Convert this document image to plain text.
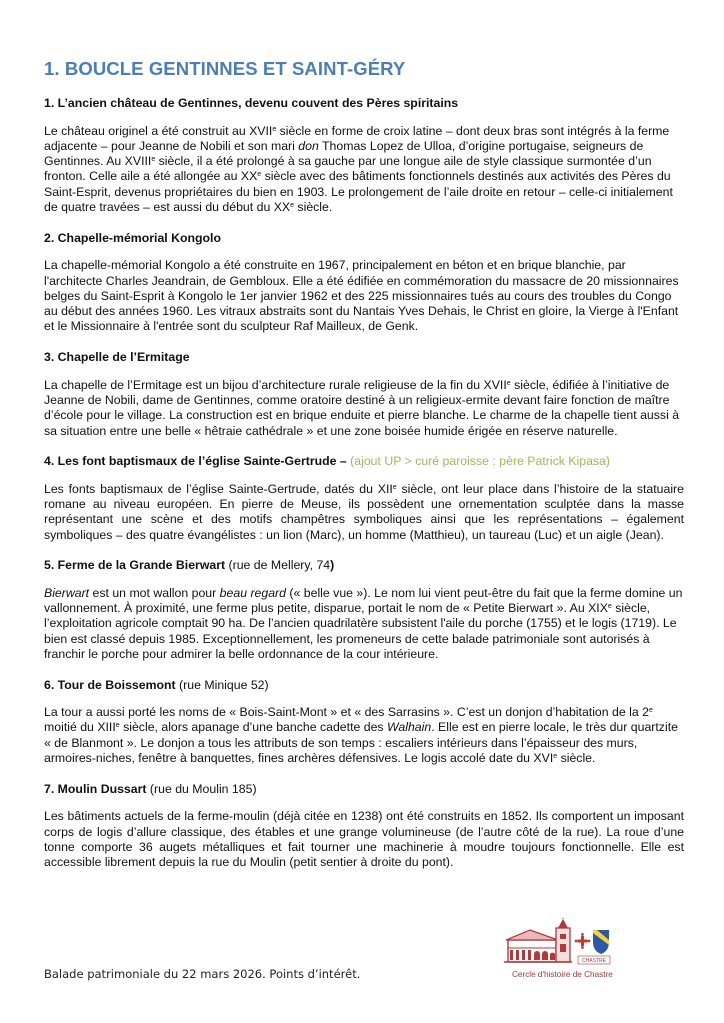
1. BOUCLE GENTINNES ET SAINT-GÉRY
1. L’ancien château de Gentinnes, devenu couvent des Pères spiritains

Le château originel a été construit au XVIIe siècle en forme de croix latine – dont deux bras sont intégrés à la ferme adjacente – pour Jeanne de Nobili et son mari don Thomas Lopez de Ulloa, d’origine portugaise, seigneurs de Gentinnes. Au XVIIIe siècle, il a été prolongé à sa gauche par une longue aile de style classique surmontée d’un fronton. Celle aile a été allongée au XXe siècle avec des bâtiments fonctionnels destinés aux activités des Pères du Saint-Esprit, devenus propriétaires du bien en 1903. Le prolongement de l’aile droite en retour – celle-ci initialement de quatre travées – est aussi du début du XXe siècle.

2. Chapelle-mémorial Kongolo

La chapelle-mémorial Kongolo a été construite en 1967, principalement en béton et en brique blanchie, par l'architecte Charles Jeandrain, de Gembloux. Elle a été édifiée en commémoration du massacre de 20 missionnaires belges du Saint-Esprit à Kongolo le 1er janvier 1962 et des 225 missionnaires tués au cours des troubles du Congo au début des années 1960. Les vitraux abstraits sont du Nantais Yves Dehais, le Christ en gloire, la Vierge à l'Enfant et le Missionnaire à l'entrée sont du sculpteur Raf Mailleux, de Genk.

3. Chapelle de l’Ermitage

La chapelle de l’Ermitage est un bijou d’architecture rurale religieuse de la fin du XVIIe siècle, édifiée à l’initiative de Jeanne de Nobili, dame de Gentinnes, comme oratoire destiné à un religieux-ermite devant faire fonction de maître d’école pour le village. La construction est en brique enduite et pierre blanche. Le charme de la chapelle tient aussi à sa situation entre une belle « hêtraie cathédrale » et une zone boisée humide érigée en réserve naturelle.

4. Les font baptismaux de l’église Sainte-Gertrude – (ajout UP > curé paroisse : père Patrick Kipasa)

Les fonts baptismaux de l’église Sainte-Gertrude, datés du XIIe siècle, ont leur place dans l’histoire de la statuaire romane au niveau européen. En pierre de Meuse, ils possèdent une ornementation sculptée dans la masse représentant une scène et des motifs champêtres symboliques ainsi que les représentations – également symboliques – des quatre évangélistes : un lion (Marc), un homme (Matthieu), un taureau (Luc) et un aigle (Jean).

5. Ferme de la Grande Bierwart (rue de Mellery, 74)

Bierwart est un mot wallon pour beau regard (« belle vue »). Le nom lui vient peut-être du fait que la ferme domine un vallonnement. À proximité, une ferme plus petite, disparue, portait le nom de « Petite Bierwart ». Au XIXe siècle, l’exploitation agricole comptait 90 ha. De l’ancien quadrilatère subsistent l'aile du porche (1755) et le logis (1719). Le bien est classé depuis 1985. Exceptionnellement, les promeneurs de cette balade patrimoniale sont autorisés à franchir le porche pour admirer la belle ordonnance de la cour intérieure.

6. Tour de Boissemont (rue Minique 52)

La tour a aussi porté les noms de « Bois-Saint-Mont » et « des Sarrasins ». C’est un donjon d’habitation de la 2e moitié du XIIIe siècle, alors apanage d’une banche cadette des Walhain. Elle est en pierre locale, le très dur quartzite « de Blanmont ». Le donjon a tous les attributs de son temps : escaliers intérieurs dans l’épaisseur des murs, armoires-niches, fenêtre à banquettes, fines archères défensives. Le logis accolé date du XVIe siècle.

7. Moulin Dussart (rue du Moulin 185)

Les bâtiments actuels de la ferme-moulin (déjà citée en 1238) ont été construits en 1852. Ils comportent un imposant corps de logis d’allure classique, des étables et une grange volumineuse (de l’autre côté de la rue). La roue d’une tonne comporte 36 augets métalliques et fait tourner une machinerie à moudre toujours fonctionnelle. Elle est accessible librement depuis la rue du Moulin (petit sentier à droite du pont).

Balade patrimoniale du 22 mars 2026. Points d’intérêt.
CHASTRE
Cercle d'histoire de Chastre
